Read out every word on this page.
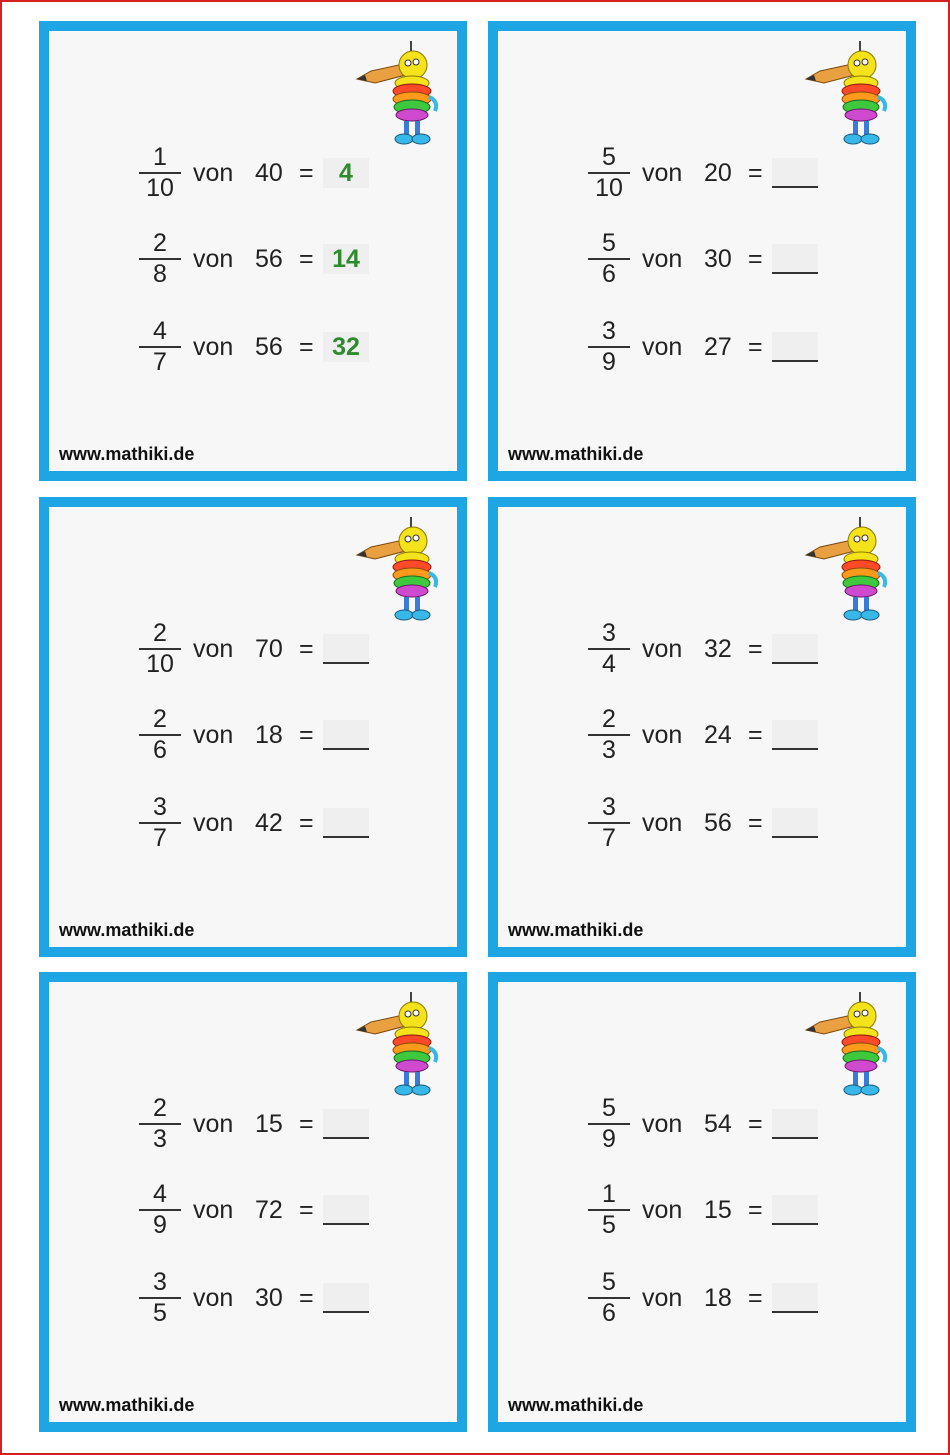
$\frac{1}{10}$ von 40 =	4
$\frac{2}{8}$ von 56 = 14
$\frac{4}{7}$ von 56 = 32
www.mathiki.de
$\frac{5}{10}$ von 20 =
$\frac{5}{6}$ von 30 =
$\frac{3}{9}$ von 27 =
www.mathiki.de
$\frac{2}{10}$ von 70 =
$\frac{2}{6}$ von 18 =
$\frac{3}{7}$ von 42 =
www.mathiki.de
$\frac{3}{4}$ von 32 =
$\frac{2}{3}$ von 24 =
$\frac{3}{7}$ von 56 =
www.mathiki.de
$\frac{2}{3}$ von 15 =
$\frac{4}{9}$ von 72 =
$\frac{3}{5}$ von 30 =
www.mathiki.de
$\frac{5}{9}$ von 54 =
$\frac{1}{5}$ von 15 =
$\frac{5}{6}$ von 18 =
www.mathiki.de
